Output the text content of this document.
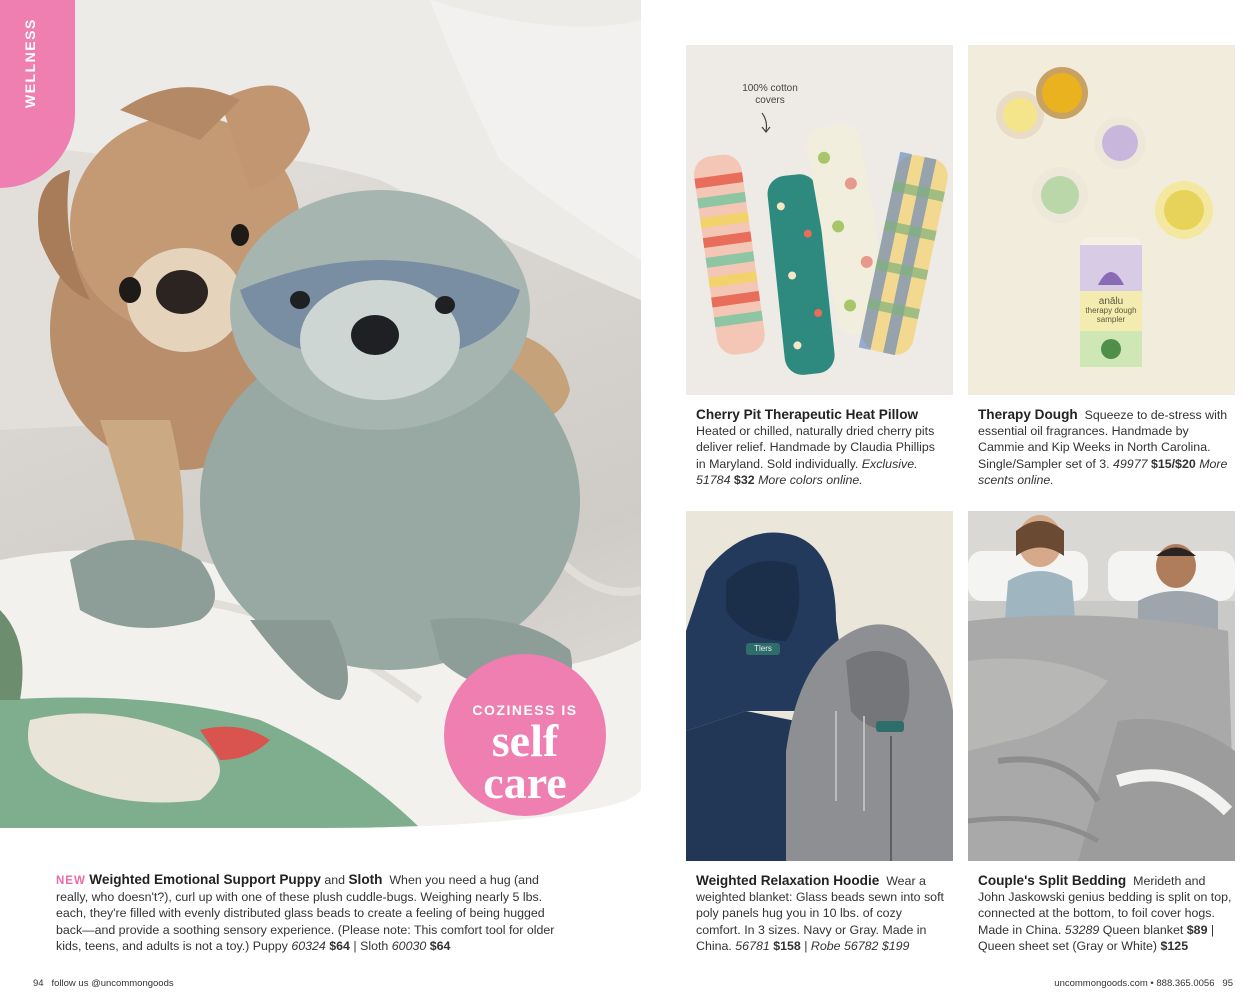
WELLNESS
COZINESS IS
self
care
NEW Weighted Emotional Support Puppy and Sloth When you need a hug (and really, who doesn't?), curl up with one of these plush cuddle-bugs. Weighing nearly 5 lbs. each, they're filled with evenly distributed glass beads to create a feeling of being hugged back—and provide a soothing sensory experience. (Please note: This comfort tool for older kids, teens, and adults is not a toy.) Puppy 60324 $64 | Sloth 60030 $64
94 follow us @uncommongoods
100% cotton
covers
anālu
therapy dough
sampler
Cherry Pit Therapeutic Heat Pillow
Heated or chilled, naturally dried cherry pits deliver relief. Handmade by Claudia Phillips in Maryland. Sold individually. Exclusive. 51784 $32 More colors online.
Therapy Dough Squeeze to de-stress with essential oil fragrances. Handmade by Cammie and Kip Weeks in North Carolina. Single/Sampler set of 3. 49977 $15/$20 More scents online.
Tlers
Weighted Relaxation Hoodie Wear a weighted blanket: Glass beads sewn into soft poly panels hug you in 10 lbs. of cozy comfort. In 3 sizes. Navy or Gray. Made in China. 56781 $158 | Robe 56782 $199
Couple's Split Bedding Merideth and John Jaskowski genius bedding is split on top, connected at the bottom, to foil cover hogs. Made in China. 53289 Queen blanket $89 | Queen sheet set (Gray or White) $125
uncommongoods.com • 888.365.0056 95
